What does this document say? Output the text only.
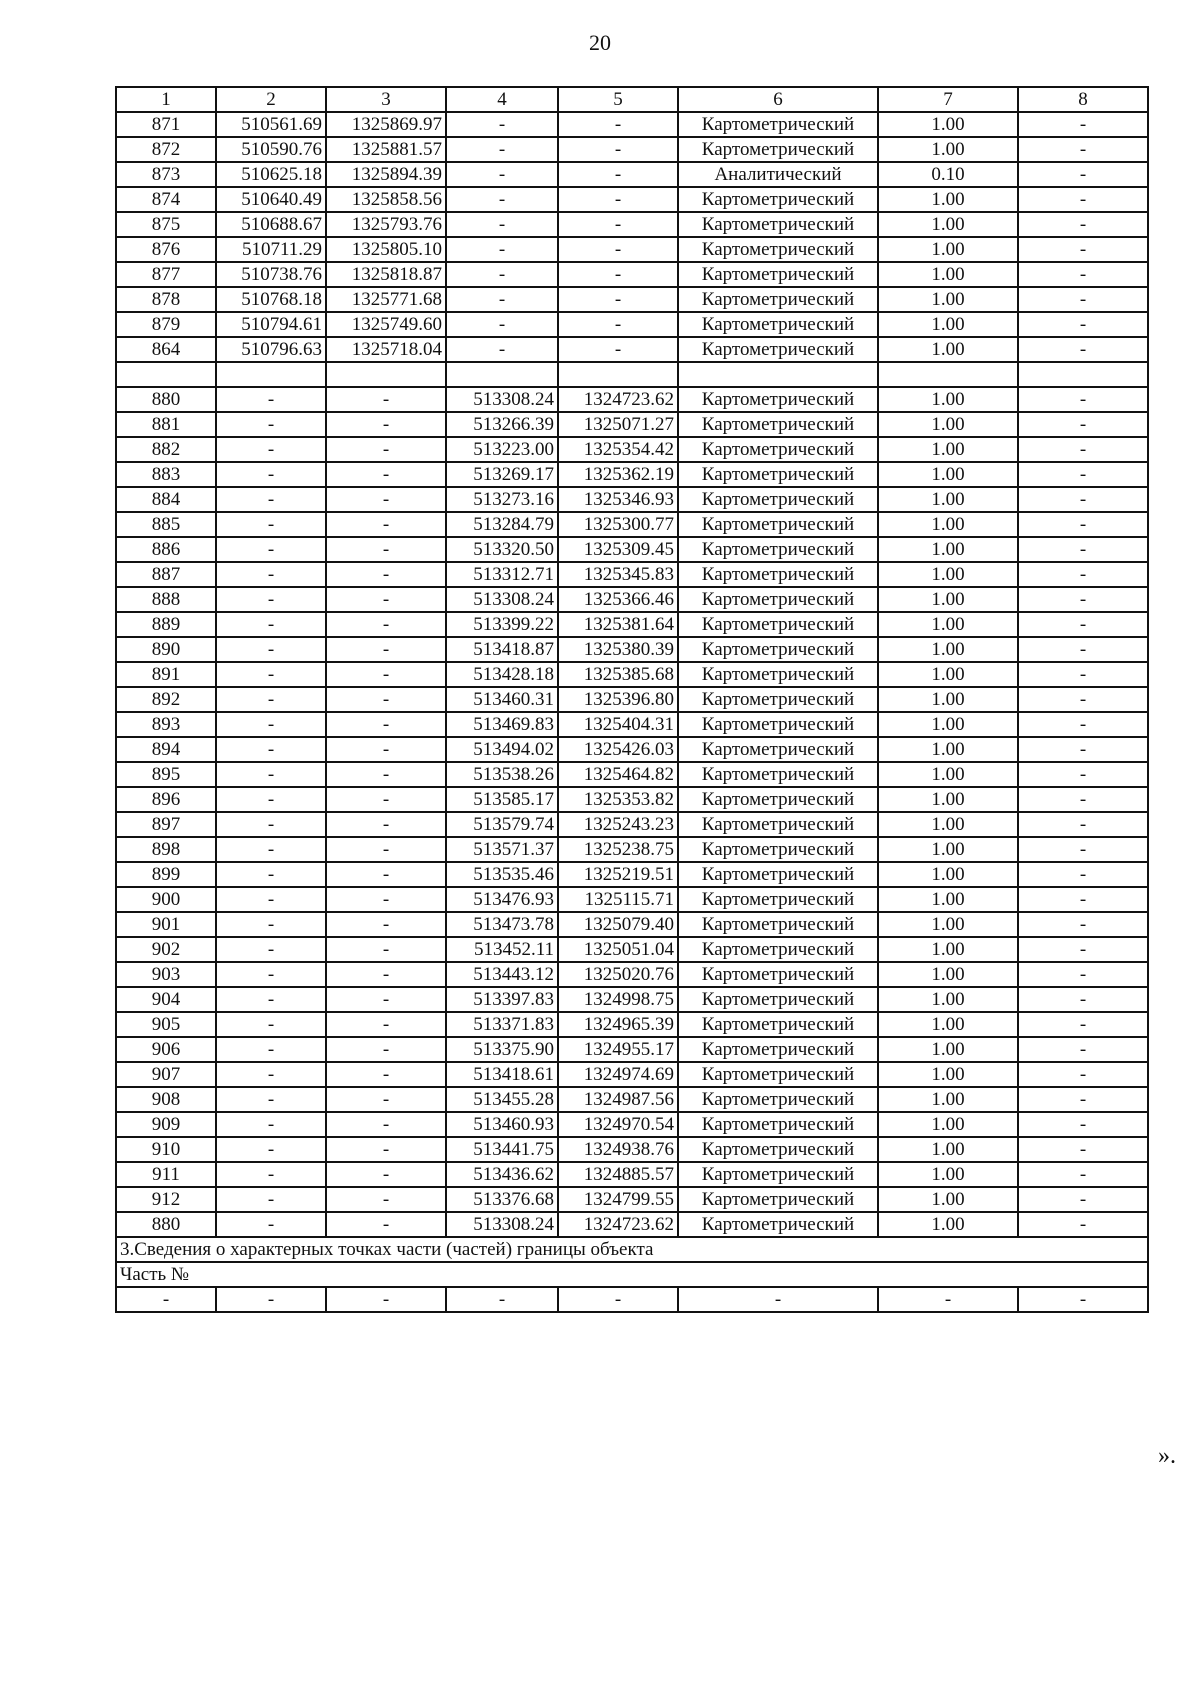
20
1	2	3	4	5	6	7	8
871	510561.69	1325869.97	-	-	Картометрический	1.00	-
872	510590.76	1325881.57	-	-	Картометрический	1.00	-
873	510625.18	1325894.39	-	-	Аналитический	0.10	-
874	510640.49	1325858.56	-	-	Картометрический	1.00	-
875	510688.67	1325793.76	-	-	Картометрический	1.00	-
876	510711.29	1325805.10	-	-	Картометрический	1.00	-
877	510738.76	1325818.87	-	-	Картометрический	1.00	-
878	510768.18	1325771.68	-	-	Картометрический	1.00	-
879	510794.61	1325749.60	-	-	Картометрический	1.00	-
864	510796.63	1325718.04	-	-	Картометрический	1.00	-

880	-	-	513308.24	1324723.62	Картометрический	1.00	-
881	-	-	513266.39	1325071.27	Картометрический	1.00	-
882	-	-	513223.00	1325354.42	Картометрический	1.00	-
883	-	-	513269.17	1325362.19	Картометрический	1.00	-
884	-	-	513273.16	1325346.93	Картометрический	1.00	-
885	-	-	513284.79	1325300.77	Картометрический	1.00	-
886	-	-	513320.50	1325309.45	Картометрический	1.00	-
887	-	-	513312.71	1325345.83	Картометрический	1.00	-
888	-	-	513308.24	1325366.46	Картометрический	1.00	-
889	-	-	513399.22	1325381.64	Картометрический	1.00	-
890	-	-	513418.87	1325380.39	Картометрический	1.00	-
891	-	-	513428.18	1325385.68	Картометрический	1.00	-
892	-	-	513460.31	1325396.80	Картометрический	1.00	-
893	-	-	513469.83	1325404.31	Картометрический	1.00	-
894	-	-	513494.02	1325426.03	Картометрический	1.00	-
895	-	-	513538.26	1325464.82	Картометрический	1.00	-
896	-	-	513585.17	1325353.82	Картометрический	1.00	-
897	-	-	513579.74	1325243.23	Картометрический	1.00	-
898	-	-	513571.37	1325238.75	Картометрический	1.00	-
899	-	-	513535.46	1325219.51	Картометрический	1.00	-
900	-	-	513476.93	1325115.71	Картометрический	1.00	-
901	-	-	513473.78	1325079.40	Картометрический	1.00	-
902	-	-	513452.11	1325051.04	Картометрический	1.00	-
903	-	-	513443.12	1325020.76	Картометрический	1.00	-
904	-	-	513397.83	1324998.75	Картометрический	1.00	-
905	-	-	513371.83	1324965.39	Картометрический	1.00	-
906	-	-	513375.90	1324955.17	Картометрический	1.00	-
907	-	-	513418.61	1324974.69	Картометрический	1.00	-
908	-	-	513455.28	1324987.56	Картометрический	1.00	-
909	-	-	513460.93	1324970.54	Картометрический	1.00	-
910	-	-	513441.75	1324938.76	Картометрический	1.00	-
911	-	-	513436.62	1324885.57	Картометрический	1.00	-
912	-	-	513376.68	1324799.55	Картометрический	1.00	-
880	-	-	513308.24	1324723.62	Картометрический	1.00	-
3.Сведения о характерных точках части (частей) границы объекта							
Часть №							
-	-	-	-	-	-	-	-
».
